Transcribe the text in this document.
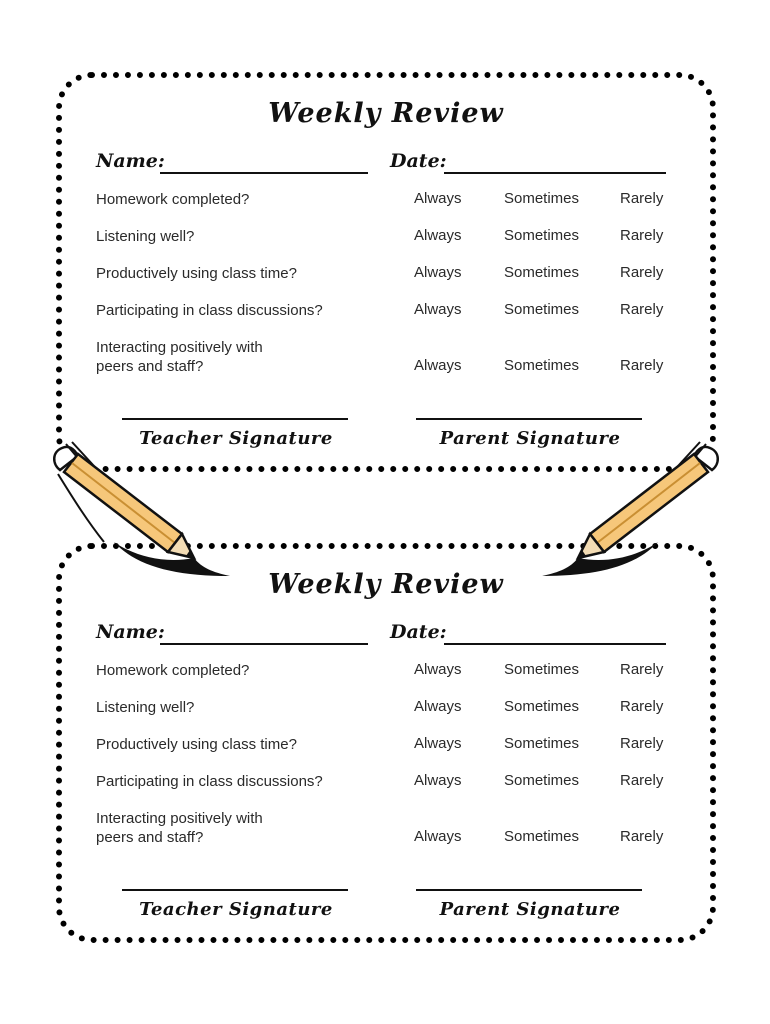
Weekly Review
Name:	Date:
Homework completed?	Always	Sometimes	Rarely
Listening well?	Always	Sometimes	Rarely
Productively using class time?	Always	Sometimes	Rarely
Participating in class discussions?	Always	Sometimes	Rarely
Interacting positively with
peers and staff?	Always	Sometimes	Rarely
Teacher Signature	Parent Signature
Weekly Review
Name:	Date:
Homework completed?	Always	Sometimes	Rarely
Listening well?	Always	Sometimes	Rarely
Productively using class time?	Always	Sometimes	Rarely
Participating in class discussions?	Always	Sometimes	Rarely
Interacting positively with
peers and staff?	Always	Sometimes	Rarely
Teacher Signature	Parent Signature
